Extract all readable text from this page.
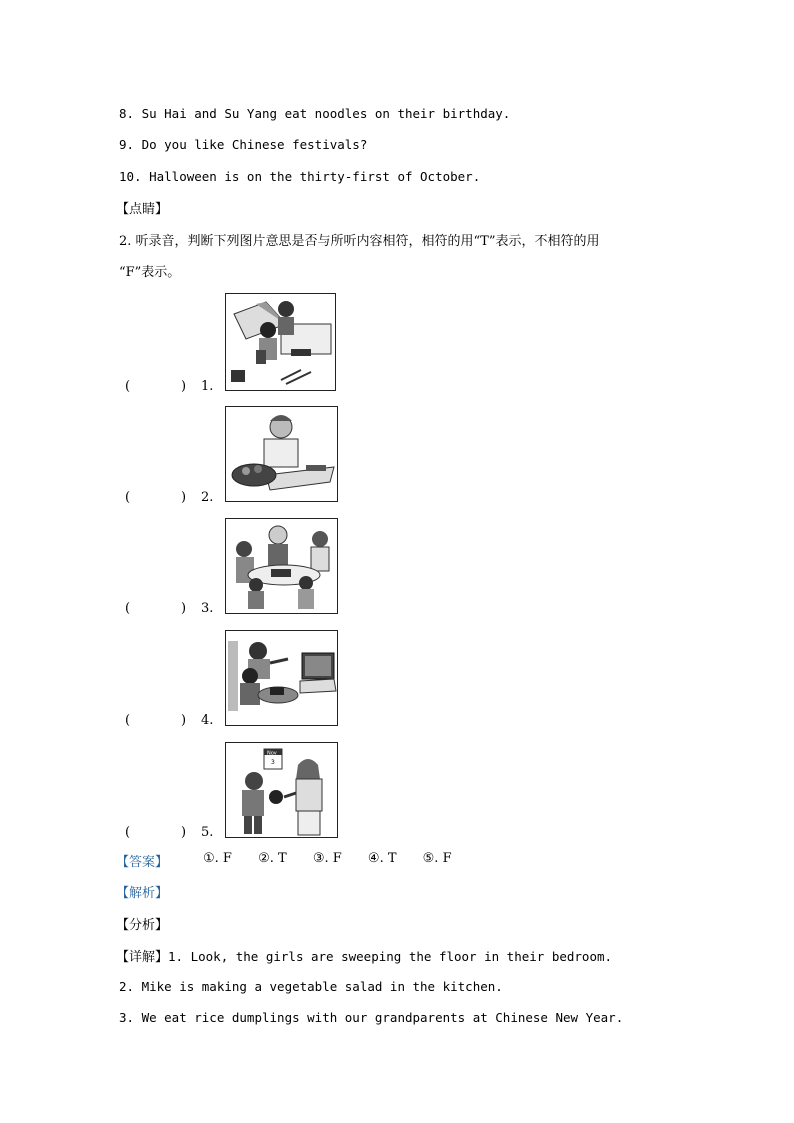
8. Su Hai and Su Yang eat noodles on their birthday.
9. Do you like Chinese festivals?
10. Halloween is on the thirty-first of October.
【点睛】
2. 听录音，判断下列图片意思是否与所听内容相符，相符的用“T”表示，不相符的用
“F”表示。
(	) 1.
(	) 2.
(	) 3.
(	) 4.
(	) 5.
Nov
3
【答案】	①. F ②. T ③. F ④. T ⑤. F
【解析】
【分析】
【详解】1. Look, the girls are sweeping the floor in their bedroom.
2. Mike is making a vegetable salad in the kitchen.
3. We eat rice dumplings with our grandparents at Chinese New Year.
